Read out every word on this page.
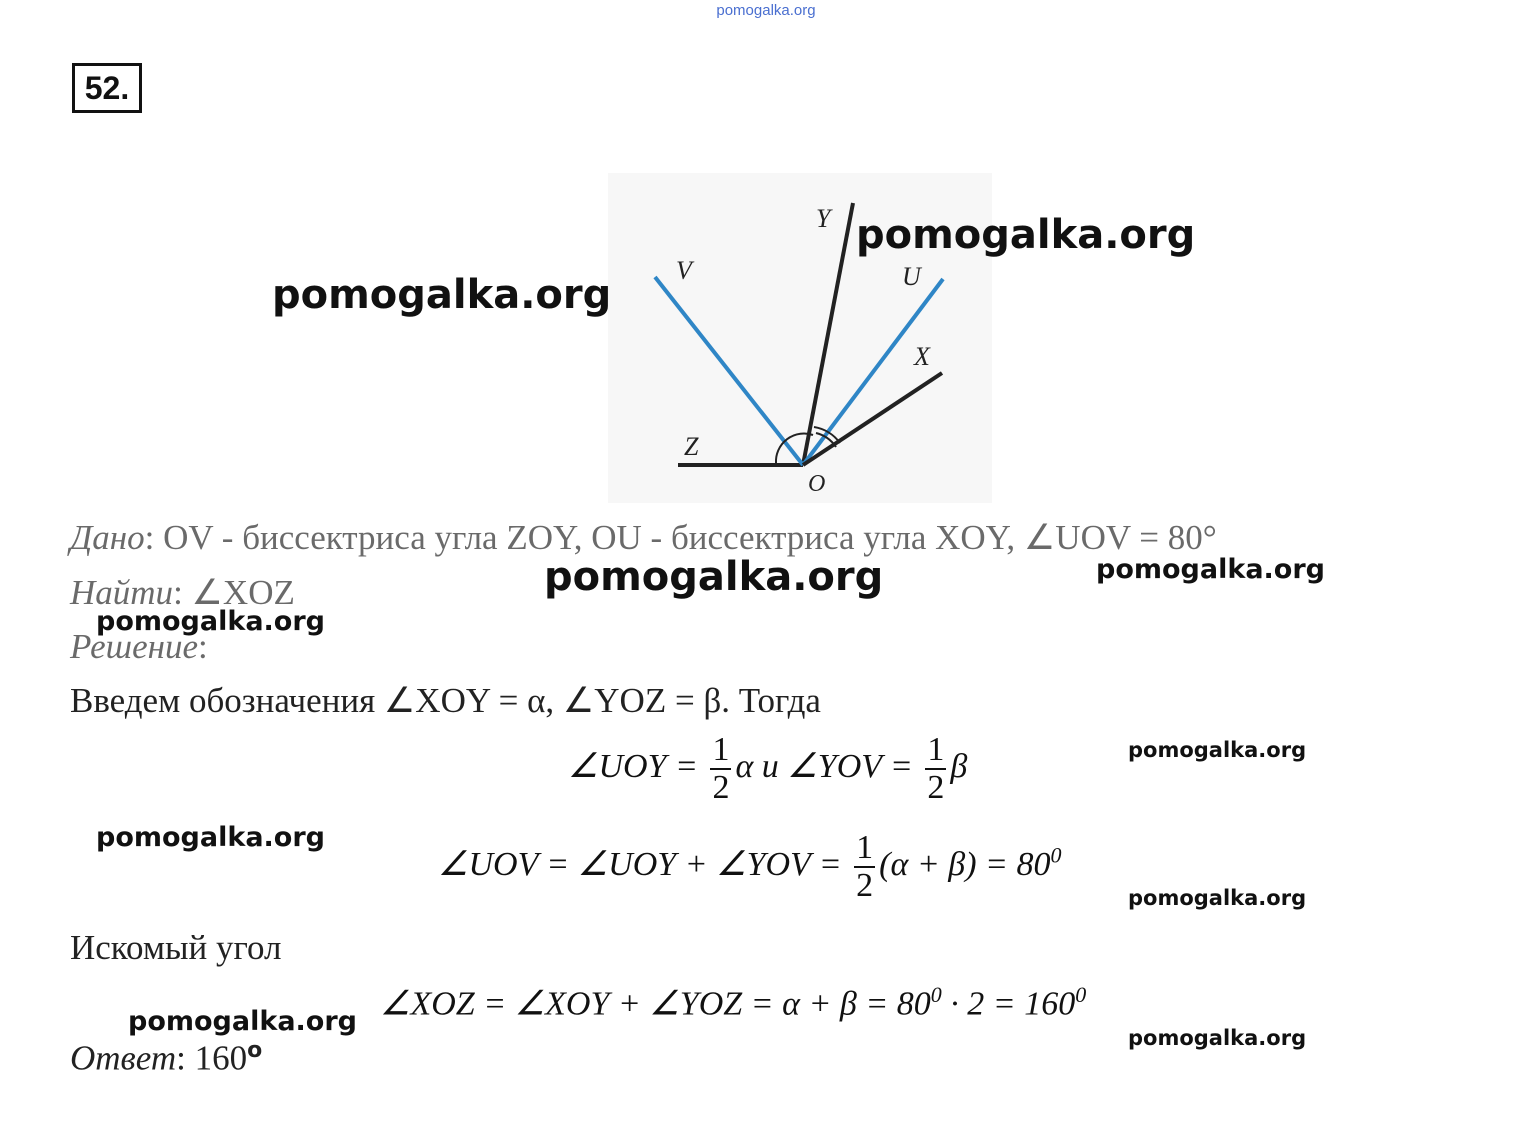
pomogalka.org
52.
Y
V	U
X
Z
O
pomogalka.org
pomogalka.org
pomogalka.org	pomogalka.org
pomogalka.org
pomogalka.org
pomogalka.org
pomogalka.org
pomogalka.org
pomogalka.org
Дано: OV - биссектриса угла ZOY, OU - биссектриса угла XOY, ∠UOV = 80°
Найти: ∠XOZ
Решение:
Введем обозначения ∠XOY = α, ∠YOZ = β. Тогда
∠UOY = $\frac{1}{2}$ α и ∠YOV = $\frac{1}{2}$ β
∠UOV = ∠UOY + ∠YOV = $\frac{1}{2} (\alpha + \beta) = 80^0$
Искомый угол
∠XOZ = ∠XOY + ∠YOZ = $\alpha + \beta = 80^0 \cdot 2 = 160^0$
Ответ: 160$^o$
